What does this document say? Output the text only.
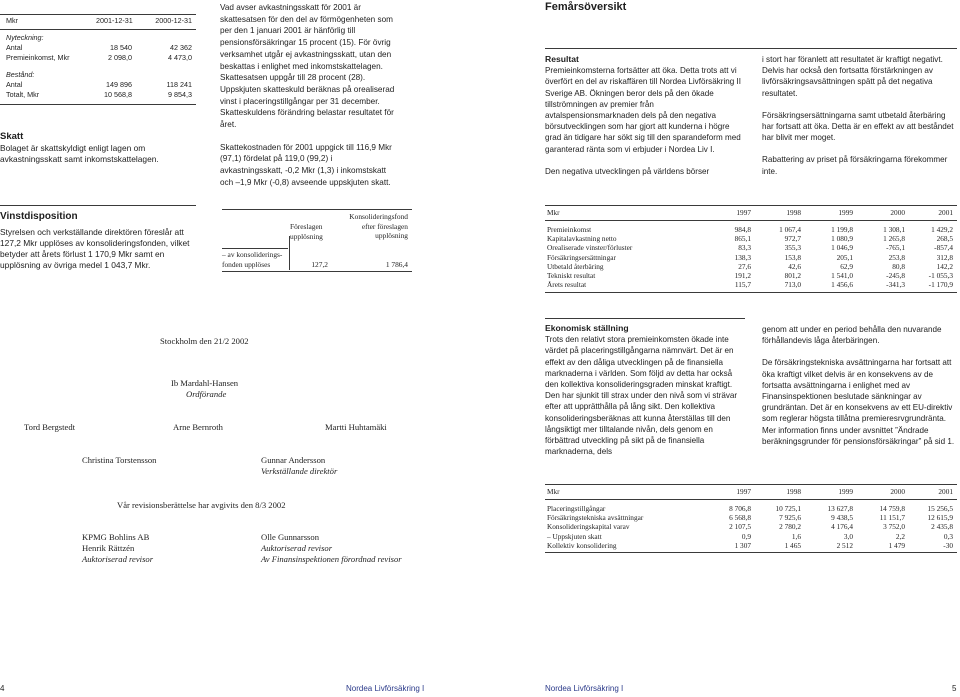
Mkr	2001-12-31	2000-12-31
Nyteckning:
Antal	18 540	42 362
Premieinkomst, Mkr	2 098,0	4 473,0
Bestånd:
Antal	149 896	118 241
Totalt, Mkr	10 568,8	9 854,3
Skatt
Bolaget är skattskyldigt enligt lagen om avkastningsskatt samt inkomstskattelagen.

Vad avser avkastningsskatt för 2001 är skattesatsen för den del av förmögenheten som per den 1 januari 2001 är hänförlig till pensionsförsäkringar 15 procent (15). För övrig verksamhet utgår ej avkastningsskatt, utan den beskattas i enlighet med inkomstskattelagen. Skattesatsen uppgår till 28 procent (28). Uppskjuten skatteskuld beräknas på orealiserad vinst i placeringstillgångar per 31 december. Skatteskuldens förändring belastar resultatet för året.

Skattekostnaden för 2001 uppgick till 116,9 Mkr (97,1) fördelat på 119,0 (99,2) i avkastningsskatt, -0,2 Mkr (1,3) i inkomstskatt och –1,9 Mkr (-0,8) avseende uppskjuten skatt.

Femårsöversikt
Resultat

Premieinkomsterna fortsätter att öka. Detta trots att vi överfört en del av riskaffären till Nordea Livförsäkring II Sverige AB. Ökningen beror dels på den ökade tillströmningen av premier från avtalspensionsmarknaden dels på den negativa börsutvecklingen som har gjort att kunderna i högre grad än tidigare har sökt sig till den sparandeform med garanterad ränta som vi erbjuder i Nordea Liv I.

Den negativa utvecklingen på världens börser

i stort har föranlett att resultatet är kraftigt negativt. Delvis har också den fortsatta förstärkningen av livförsäkringsavsättningen spätt på det negativa resultatet.

Försäkringsersättningarna samt utbetald återbäring har fortsatt att öka. Detta är en effekt av att beståndet har blivit mer moget.

Rabattering av priset på försäkringarna förekommer inte.

Vinstdisposition
Styrelsen och verkställande direktören föreslår att 127,2 Mkr upplöses av konsolideringsfonden, vilket betyder att årets förlust 1 170,9 Mkr samt en upplösning av övriga medel 1 043,7 Mkr.
Föreslagen upplösning
Konsolideringsfond efter föreslagen upplösning
– av konsoliderings- fonden upplöses	127,2	1 786,4
Mkr	1997	1998	1999	2000	2001
Premieinkomst	984,8	1 067,4	1 199,8	1 308,1	1 429,2
Kapitalavkastning netto	865,1	972,7	1 080,9	1 265,8	268,5
Orealiserade vinster/förluster	83,3	355,3	1 046,9	-765,1	-857,4
Försäkringsersättningar	138,3	153,8	205,1	253,8	312,8
Utbetald återbäring	27,6	42,6	62,9	80,8	142,2
Tekniskt resultat	191,2	801,2	1 541,0	-245,8	-1 055,3
Årets resultat	115,7	713,0	1 456,6	-341,3	-1 170,9
Stockholm den 21/2 2002
Ib Mardahl-Hansen
Ordförande
Tord Bergstedt	Arne Bernroth	Martti Huhtamäki
Christina Torstensson	Gunnar Andersson
Verkställande direktör
Vår revisionsberättelse har avgivits den 8/3 2002
KPMG Bohlins AB
Henrik Rättzén
Auktoriserad revisor
Olle Gunnarsson
Auktoriserad revisor
Av Finansinspektionen förordnad revisor
Ekonomisk ställning

Trots den relativt stora premieinkomsten ökade inte värdet på placeringstillgångarna nämnvärt. Det är en effekt av den dåliga utvecklingen på de finansiella marknaderna i världen. Som följd av detta har också den kollektiva konsolideringsgraden minskat kraftigt. Den har sjunkit till strax under den nivå som vi strävar efter att upprätthålla på lång sikt. Den kollektiva konsolideringsberäknas att kunna återställas till den långsiktigt mer tilltalande nivån, dels genom en förbättrad utveckling på sikt på de finansiella marknaderna, dels

genom att under en period behålla den nuvarande förhållandevis låga återbäringen.

De försäkringstekniska avsättningarna har fortsatt att öka kraftigt vilket delvis är en konsekvens av de fortsatta avsättningarna i enlighet med av Finansinspektionen beslutade sänkningar av grundräntan. Det är en konsekvens av ett EU-direktiv som reglerar högsta tillåtna premieresrvgrundränta. Mer information finns under avsnittet ”Ändrade beräkningsgrunder för pensionsförsäkringar” på sid 1.

Mkr	1997	1998	1999	2000	2001
Placeringstillgångar	8 706,8	10 725,1	13 627,8	14 759,8	15 256,5
Försäkringstekniska avsättningar	6 568,8	7 925,6	9 438,5	11 151,7	12 615,9
Konsolideringskapital varav	2 107,5	2 780,2	4 176,4	3 752,0	2 435,8
– Uppskjuten skatt	0,9	1,6	3,0	2,2	0,3
Kollektiv konsolidering	1 307	1 465	2 512	1 479	-30
4	Nordea Livförsäkring I	Nordea Livförsäkring I	5
